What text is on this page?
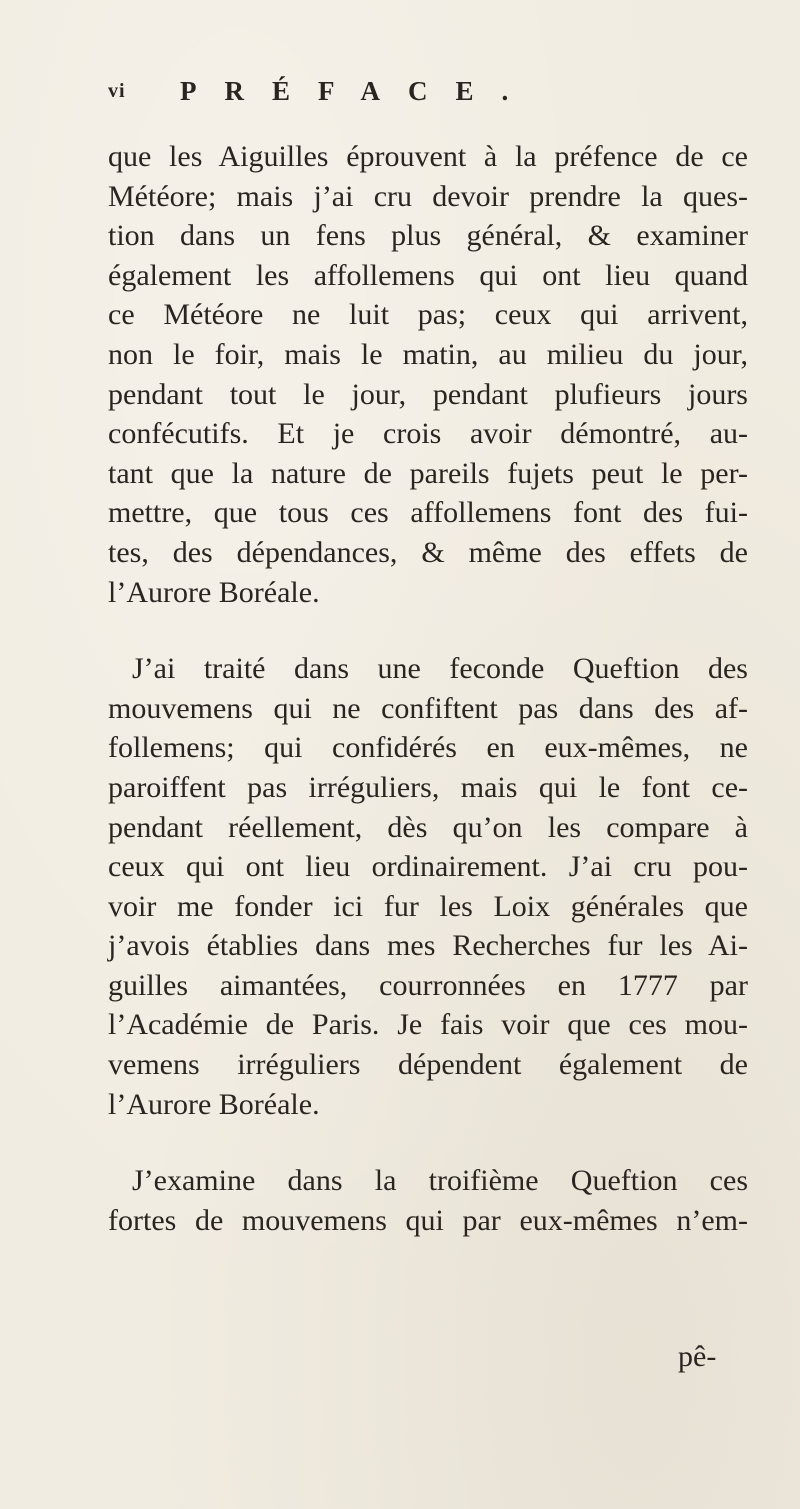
vi PRÉFACE.
que les Aiguilles éprouvent à la préfence de ce
Météore; mais j’ai cru devoir prendre la ques-
tion dans un fens plus général, & examiner
également les affollemens qui ont lieu quand
ce Météore ne luit pas; ceux qui arrivent,
non le foir, mais le matin, au milieu du jour,
pendant tout le jour, pendant plufieurs jours
confécutifs. Et je crois avoir démontré, au-
tant que la nature de pareils fujets peut le per-
mettre, que tous ces affollemens font des fui-
tes, des dépendances, & même des effets de
l’Aurore Boréale.
J’ai traité dans une feconde Queftion des
mouvemens qui ne confiftent pas dans des af-
follemens; qui confidérés en eux-mêmes, ne
paroiffent pas irréguliers, mais qui le font ce-
pendant réellement, dès qu’on les compare à
ceux qui ont lieu ordinairement. J’ai cru pou-
voir me fonder ici fur les Loix générales que
j’avois établies dans mes Recherches fur les Ai-
guilles aimantées, courronnées en 1777 par
l’Académie de Paris. Je fais voir que ces mou-
vemens irréguliers dépendent également de
l’Aurore Boréale.
J’examine dans la troifième Queftion ces
fortes de mouvemens qui par eux-mêmes n’em-
pê-
